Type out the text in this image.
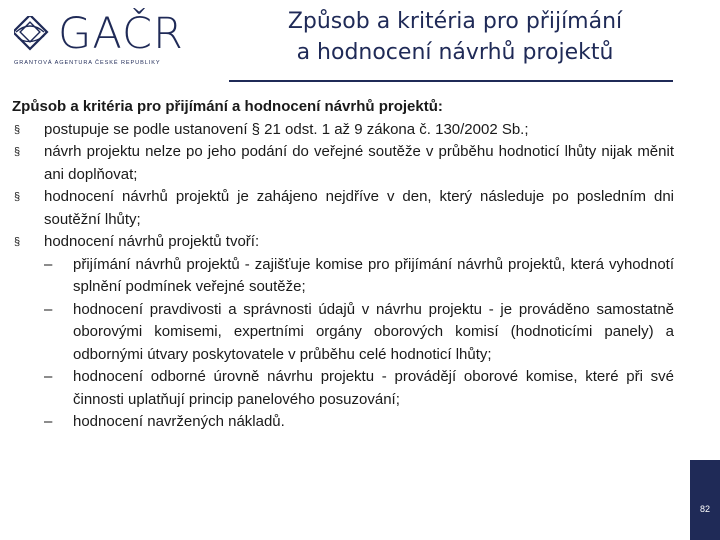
GAČR
GRANTOVÁ AGENTURA ČESKÉ REPUBLIKY
Způsob a kritéria pro přijímání
a hodnocení návrhů projektů

Způsob a kritéria pro přijímání a hodnocení návrhů projektů:

§ postupuje se podle ustanovení § 21 odst. 1 až 9 zákona č. 130/2002 Sb.;
§ návrh projektu nelze po jeho podání do veřejné soutěže v průběhu hodnoticí lhůty nijak měnit ani doplňovat;
§ hodnocení návrhů projektů je zahájeno nejdříve v den, který následuje po posledním dni soutěžní lhůty;
§ hodnocení návrhů projektů tvoří:
– přijímání návrhů projektů - zajišťuje komise pro přijímání návrhů projektů, která vyhodnotí splnění podmínek veřejné soutěže;
– hodnocení pravdivosti a správnosti údajů v návrhu projektu - je prováděno samostatně oborovými komisemi, expertními orgány oborových komisí (hodnoticími panely) a odbornými útvary poskytovatele v průběhu celé hodnoticí lhůty;
– hodnocení odborné úrovně návrhu projektu - provádějí oborové komise, které při své činnosti uplatňují princip panelového posuzování;
– hodnocení navržených nákladů.
82
